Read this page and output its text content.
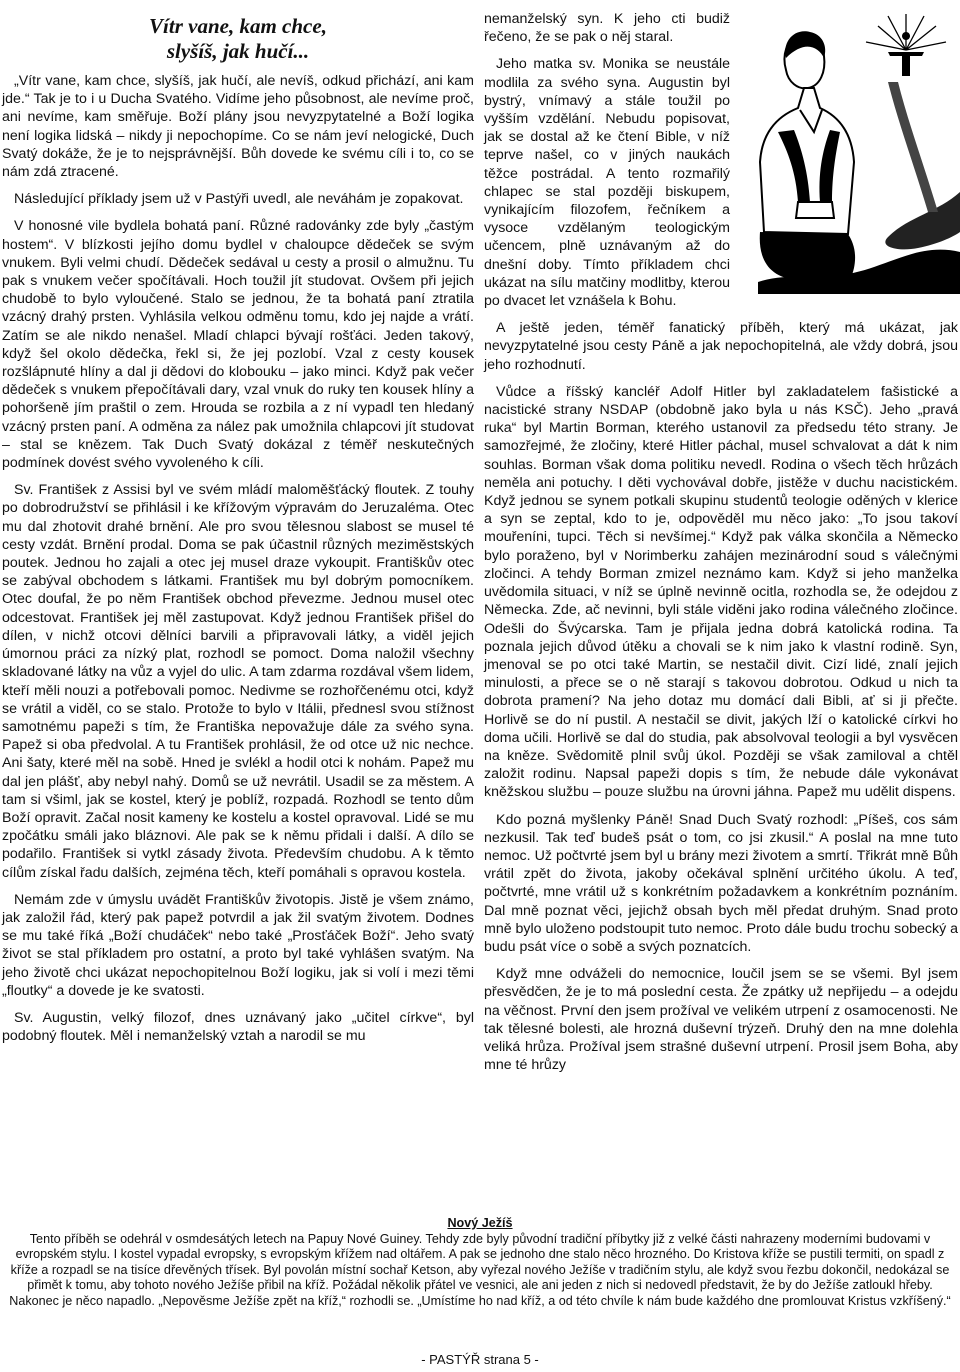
Vítr vane, kam chce,
slyšíš, jak hučí...

„Vítr vane, kam chce, slyšíš, jak hučí, ale nevíš, odkud přichází, ani kam jde.“ Tak je to i u Ducha Svatého. Vidíme jeho působnost, ale nevíme proč, ani nevíme, kam směřuje. Boží plány jsou nevyzpytatelné a Boží logika není logika lidská – nikdy ji nepochopíme. Co se nám jeví nelogické, Duch Svatý dokáže, že je to nejsprávnější. Bůh dovede ke svému cíli i to, co se nám zdá ztracené.

Následující příklady jsem už v Pastýři uvedl, ale neváhám je zopakovat.

V honosné vile bydlela bohatá paní. Různé radovánky zde byly „častým hostem“. V blízkosti jejího domu bydlel v chaloupce dědeček se svým vnukem. Byli velmi chudí. Dědeček sedával u cesty a prosil o almužnu. Tu pak s vnukem večer spočítávali. Hoch toužil jít studovat. Ovšem při jejich chudobě to bylo vyloučené. Stalo se jednou, že ta bohatá paní ztratila vzácný drahý prsten. Vyhlásila velkou odměnu tomu, kdo jej najde a vrátí. Zatím se ale nikdo nenašel. Mladí chlapci bývají rošťáci. Jeden takový, když šel okolo dědečka, řekl si, že jej pozlobí. Vzal z cesty kousek rozšlápnuté hlíny a dal ji dědovi do klobouku – jako minci. Když pak večer dědeček s vnukem přepočítávali dary, vzal vnuk do ruky ten kousek hlíny a pohoršeně jím praštil o zem. Hrouda se rozbila a z ní vypadl ten hledaný vzácný prsten paní. A odměna za nález pak umožnila chlapcovi jít studovat – stal se knězem. Tak Duch Svatý dokázal z téměř neskutečných podmínek dovést svého vyvoleného k cíli.

Sv. František z Assisi byl ve svém mládí maloměšťácký floutek. Z touhy po dobrodružství se přihlásil i ke křížovým výpravám do Jeruzaléma. Otec mu dal zhotovit drahé brnění. Ale pro svou tělesnou slabost se musel té cesty vzdát. Brnění prodal. Doma se pak účastnil různých meziměstských poutek. Jednou ho zajali a otec jej musel draze vykoupit. Františkův otec se zabýval obchodem s látkami. František mu byl dobrým pomocníkem. Otec doufal, že po něm František obchod převezme. Jednou musel otec odcestovat. František jej měl zastupovat. Když jednou František přišel do dílen, v nichž otcovi dělníci barvili a připravovali látky, a viděl jejich úmornou práci za nízký plat, rozhodl se pomoct. Doma naložil všechny skladované látky na vůz a vyjel do ulic. A tam zdarma rozdával všem lidem, kteří měli nouzi a potřebovali pomoc. Nedivme se rozhořčenému otci, když se vrátil a viděl, co se stalo. Protože to bylo v Itálii, přednesl svou stížnost samotnému papeži s tím, že Františka nepovažuje dále za svého syna. Papež si oba předvolal. A tu František prohlásil, že od otce už nic nechce. Ani šaty, které měl na sobě. Hned je svlékl a hodil otci k nohám. Papež mu dal jen plášť, aby nebyl nahý. Domů se už nevrátil. Usadil se za městem. A tam si všiml, jak se kostel, který je poblíž, rozpadá. Rozhodl se tento dům Boží opravit. Začal nosit kameny ke kostelu a kostel opravoval. Lidé se mu zpočátku smáli jako bláznovi. Ale pak se k němu přidali i další. A dílo se podařilo. František si vytkl zásady života. Především chudobu. A k těmto cílům získal řadu dalších, zejména těch, kteří pomáhali s opravou kostela.

Nemám zde v úmyslu uvádět Františkův životopis. Jistě je všem známo, jak založil řád, který pak papež potvrdil a jak žil svatým životem. Dodnes se mu také říká „Boží chudáček“ nebo také „Prosťáček Boží“. Jeho svatý život se stal příkladem pro ostatní, a proto byl také vyhlášen svatým. Na jeho životě chci ukázat nepochopitelnou Boží logiku, jak si volí i mezi těmi „floutky“ a dovede je ke svatosti.

Sv. Augustin, velký filozof, dnes uznávaný jako „učitel církve“, byl podobný floutek. Měl i nemanželský vztah a narodil se mu

nemanželský syn. K jeho cti budiž řečeno, že se pak o něj staral.

Jeho matka sv. Monika se neustále modlila za svého syna. Augustin byl bystrý, vnímavý a stále toužil po vyšším vzdělání. Nebudu popisovat, jak se dostal až ke čtení Bible, v níž teprve našel, co v jiných naukách těžce postrádal. A tento rozmařilý chlapec se stal později biskupem, vynikajícím filozofem, řečníkem a vysoce vzdělaným teologickým učencem, plně uznávaným až do dnešní doby. Tímto příkladem chci ukázat na sílu matčiny modlitby, kterou po dvacet let vznášela k Bohu.

A ještě jeden, téměř fanatický příběh, který má ukázat, jak nevyzpytatelné jsou cesty Páně a jak nepochopitelná, ale vždy dobrá, jsou jeho rozhodnutí.

Vůdce a říšský kancléř Adolf Hitler byl zakladatelem fašistické a nacistické strany NSDAP (obdobně jako byla u nás KSČ). Jeho „pravá ruka“ byl Martin Borman, kterého ustanovil za předsedu této strany. Je samozřejmé, že zločiny, které Hitler páchal, musel schvalovat a dát k nim souhlas. Borman však doma politiku nevedl. Rodina o všech těch hrůzách neměla ani potuchy. I děti vychovával dobře, jistěže v duchu nacistickém. Když jednou se synem potkali skupinu studentů teologie oděných v klerice a syn se zeptal, kdo to je, odpověděl mu něco jako: „To jsou takoví mouřeníni, tupci. Těch si nevšímej.“ Když pak válka skončila a Německo bylo poraženo, byl v Norimberku zahájen mezinárodní soud s válečnými zločinci. A tehdy Borman zmizel neznámo kam. Když si jeho manželka uvědomila situaci, v níž se úplně nevinně ocitla, rozhodla se, že odejdou z Německa. Zde, ač nevinni, byli stále viděni jako rodina válečného zločince. Odešli do Švýcarska. Tam je přijala jedna dobrá katolická rodina. Ta poznala jejich důvod útěku a chovali se k nim jako k vlastní rodině. Syn, jmenoval se po otci také Martin, se nestačil divit. Cizí lidé, znalí jejich minulosti, a přece se o ně starají s takovou dobrotou. Odkud u nich ta dobrota pramení? Na jeho dotaz mu domácí dali Bibli, ať si ji přečte. Horlivě se do ní pustil. A nestačil se divit, jakých lží o katolické církvi ho doma učili. Horlivě se dal do studia, pak absolvoval teologii a byl vysvěcen na kněze. Svědomitě plnil svůj úkol. Později se však zamiloval a chtěl založit rodinu. Napsal papeži dopis s tím, že nebude dále vykonávat kněžskou službu – pouze službu na úrovni jáhna. Papež mu udělit dispens.

Kdo pozná myšlenky Páně! Snad Duch Svatý rozhodl: „Píšeš, cos sám nezkusil. Tak teď budeš psát o tom, co jsi zkusil.“ A poslal na mne tuto nemoc. Už počtvrté jsem byl u brány mezi životem a smrtí. Třikrát mně Bůh vrátil zpět do života, jakoby očekával splnění určitého úkolu. A teď, počtvrté, mne vrátil už s konkrétním požadavkem a konkrétním poznáním. Dal mně poznat věci, jejichž obsah bych měl předat druhým. Snad proto mně bylo uloženo podstoupit tuto nemoc. Proto dále budu trochu sobecký a budu psát více o sobě a svých poznatcích.

Když mne odváželi do nemocnice, loučil jsem se se všemi. Byl jsem přesvědčen, že je to má poslední cesta. Že zpátky už nepřijedu – a odejdu na věčnost. První den jsem prožíval ve velikém utrpení z osamocenosti. Ne tak tělesné bolesti, ale hrozná duševní trýzeň. Druhý den na mne dolehla veliká hrůza. Prožíval jsem strašné duševní utrpení. Prosil jsem Boha, aby mne té hrůzy

Nový Ježíš

Tento příběh se odehrál v osmdesátých letech na Papuy Nové Guiney. Tehdy zde byly původní tradiční příbytky již z velké části nahrazeny moderními budovami v evropském stylu. I kostel vypadal evropsky, s evropským křížem nad oltářem. A pak se jednoho dne stalo něco hrozného. Do Kristova kříže se pustili termiti, on spadl z kříže a rozpadl se na tisíce dřevěných třísek. Byl povolán místní sochař Ketson, aby vyřezal nového Ježíše v tradičním stylu, ale když svou řezbu dokončil, nedokázal se přimět k tomu, aby tohoto nového Ježíše přibil na kříž. Požádal několik přátel ve vesnici, ale ani jeden z nich si nedovedl představit, že by do Ježíše zatloukl hřeby. Nakonec je něco napadlo. „Nepověsme Ježíše zpět na kříž,“ rozhodli se. „Umístíme ho nad kříž, a od této chvíle k nám bude každého dne promlouvat Kristus vzkříšený.“

- PASTÝŘ strana 5 -
